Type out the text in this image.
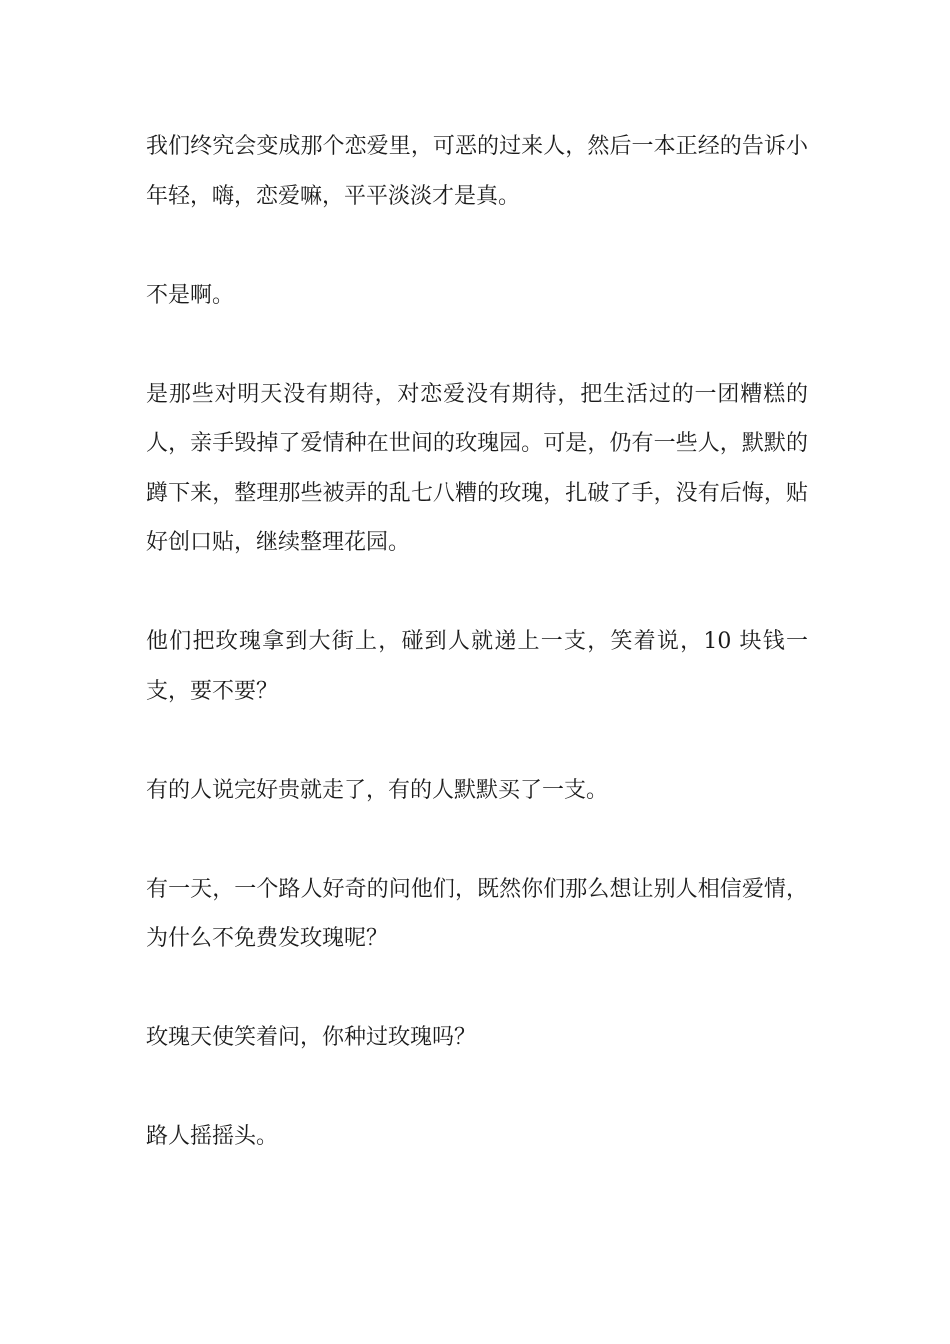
我们终究会变成那个恋爱里，可恶的过来人，然后一本正经的告诉小年轻，嗨，恋爱嘛，平平淡淡才是真。

不是啊。

是那些对明天没有期待，对恋爱没有期待，把生活过的一团糟糕的人，亲手毁掉了爱情种在世间的玫瑰园。可是，仍有一些人，默默的蹲下来，整理那些被弄的乱七八糟的玫瑰，扎破了手，没有后悔，贴好创口贴，继续整理花园。

他们把玫瑰拿到大街上，碰到人就递上一支，笑着说，10 块钱一支，要不要？

有的人说完好贵就走了，有的人默默买了一支。

有一天，一个路人好奇的问他们，既然你们那么想让别人相信爱情，为什么不免费发玫瑰呢？

玫瑰天使笑着问，你种过玫瑰吗？

路人摇摇头。
